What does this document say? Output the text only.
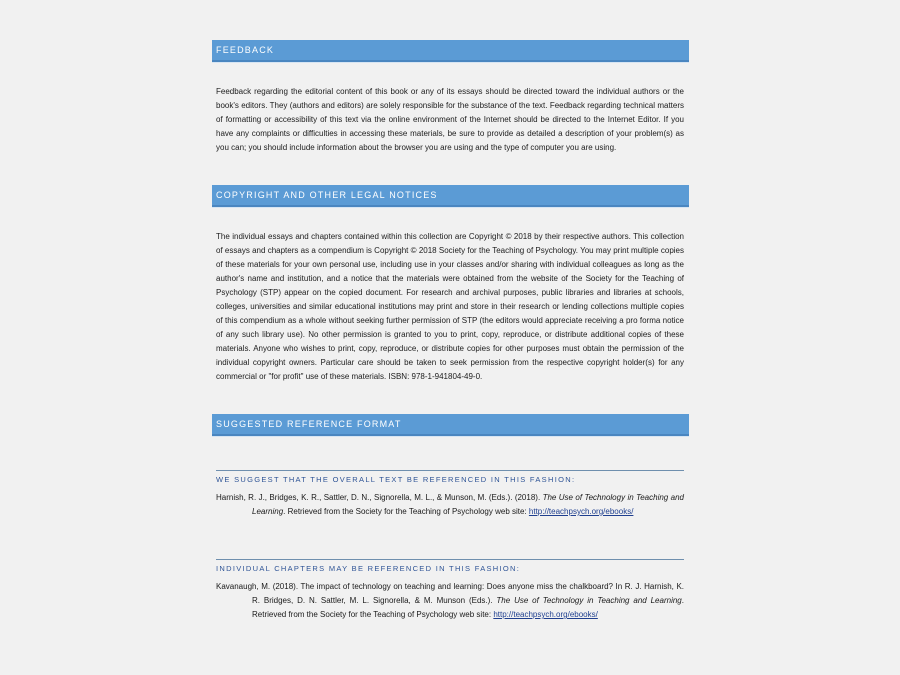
FEEDBACK
Feedback regarding the editorial content of this book or any of its essays should be directed toward the individual authors or the book's editors. They (authors and editors) are solely responsible for the substance of the text. Feedback regarding technical matters of formatting or accessibility of this text via the online environment of the Internet should be directed to the Internet Editor. If you have any complaints or difficulties in accessing these materials, be sure to provide as detailed a description of your problem(s) as you can; you should include information about the browser you are using and the type of computer you are using.
COPYRIGHT AND OTHER LEGAL NOTICES
The individual essays and chapters contained within this collection are Copyright © 2018 by their respective authors. This collection of essays and chapters as a compendium is Copyright © 2018 Society for the Teaching of Psychology. You may print multiple copies of these materials for your own personal use, including use in your classes and/or sharing with individual colleagues as long as the author's name and institution, and a notice that the materials were obtained from the website of the Society for the Teaching of Psychology (STP) appear on the copied document. For research and archival purposes, public libraries and libraries at schools, colleges, universities and similar educational institutions may print and store in their research or lending collections multiple copies of this compendium as a whole without seeking further permission of STP (the editors would appreciate receiving a pro forma notice of any such library use). No other permission is granted to you to print, copy, reproduce, or distribute additional copies of these materials. Anyone who wishes to print, copy, reproduce, or distribute copies for other purposes must obtain the permission of the individual copyright owners. Particular care should be taken to seek permission from the respective copyright holder(s) for any commercial or "for profit" use of these materials. ISBN: 978-1-941804-49-0.
SUGGESTED REFERENCE FORMAT
WE SUGGEST THAT THE OVERALL TEXT BE REFERENCED IN THIS FASHION:
Harnish, R. J., Bridges, K. R., Sattler, D. N., Signorella, M. L., & Munson, M. (Eds.). (2018). The Use of Technology in Teaching and Learning. Retrieved from the Society for the Teaching of Psychology web site: http://teachpsych.org/ebooks/
INDIVIDUAL CHAPTERS MAY BE REFERENCED IN THIS FASHION:
Kavanaugh, M. (2018). The impact of technology on teaching and learning: Does anyone miss the chalkboard? In R. J. Harnish, K. R. Bridges, D. N. Sattler, M. L. Signorella, & M. Munson (Eds.). The Use of Technology in Teaching and Learning. Retrieved from the Society for the Teaching of Psychology web site: http://teachpsych.org/ebooks/
